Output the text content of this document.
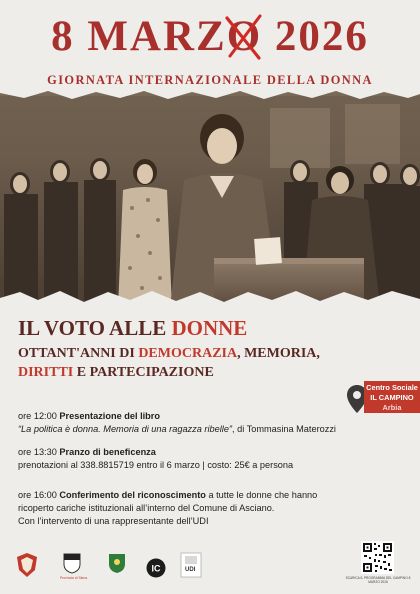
8 MARZO 2026
GIORNATA INTERNAZIONALE DELLA DONNA
IL VOTO ALLE DONNE
OTTANT'ANNI DI DEMOCRAZIA, MEMORIA, DIRITTI E PARTECIPAZIONE
Centro Sociale
IL CAMPINO
Arbia
ore 12:00 Presentazione del libro
“La politica è donna. Memoria di una ragazza ribelle”, di Tommasina Materozzi
ore 13:30 Pranzo di beneficenza
prenotazioni al 338.8815719 entro il 6 marzo | costo: 25€ a persona
ore 16:00 Conferimento del riconoscimento a tutte le donne che hanno ricoperto cariche istituzionali all’interno del Comune di Asciano.
Con l’intervento di una rappresentante dell’UDI
Provincia di Siena
IC	UDI
SCARICA IL PROGRAMMA DEL CAMPINO 8 MARZO 2026
